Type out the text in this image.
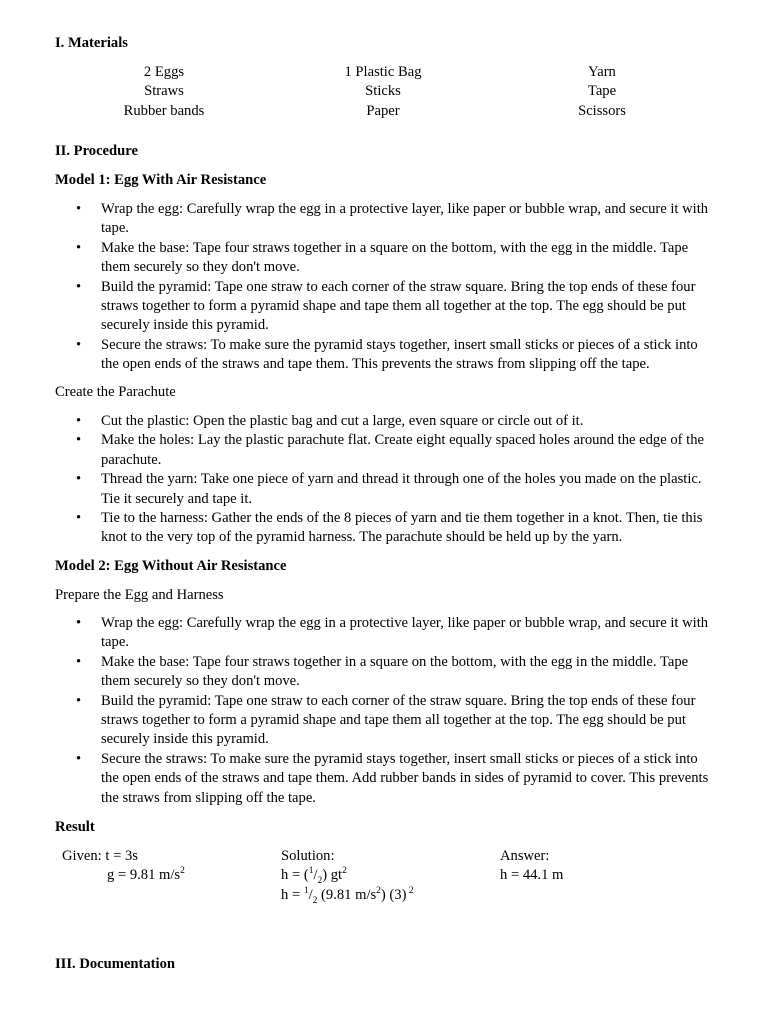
I. Materials
2 Eggs
Straws
Rubber bands
1 Plastic Bag
Sticks
Paper
Yarn
Tape
Scissors
II. Procedure
Model 1: Egg With Air Resistance
• Wrap the egg: Carefully wrap the egg in a protective layer, like paper or bubble wrap, and secure it with tape.
• Make the base: Tape four straws together in a square on the bottom, with the egg in the middle. Tape them securely so they don't move.
• Build the pyramid: Tape one straw to each corner of the straw square. Bring the top ends of these four straws together to form a pyramid shape and tape them all together at the top. The egg should be put securely inside this pyramid.
• Secure the straws: To make sure the pyramid stays together, insert small sticks or pieces of a stick into the open ends of the straws and tape them. This prevents the straws from slipping off the tape.
Create the Parachute
• Cut the plastic: Open the plastic bag and cut a large, even square or circle out of it.
• Make the holes: Lay the plastic parachute flat. Create eight equally spaced holes around the edge of the parachute.
• Thread the yarn: Take one piece of yarn and thread it through one of the holes you made on the plastic. Tie it securely and tape it.
• Tie to the harness: Gather the ends of the 8 pieces of yarn and tie them together in a knot. Then, tie this knot to the very top of the pyramid harness. The parachute should be held up by the yarn.
Model 2: Egg Without Air Resistance
Prepare the Egg and Harness
• Wrap the egg: Carefully wrap the egg in a protective layer, like paper or bubble wrap, and secure it with tape.
• Make the base: Tape four straws together in a square on the bottom, with the egg in the middle. Tape them securely so they don't move.
• Build the pyramid: Tape one straw to each corner of the straw square. Bring the top ends of these four straws together to form a pyramid shape and tape them all together at the top. The egg should be put securely inside this pyramid.
• Secure the straws: To make sure the pyramid stays together, insert small sticks or pieces of a stick into the open ends of the straws and tape them. Add rubber bands in sides of pyramid to cover. This prevents the straws from slipping off the tape.
Result
Given: t = 3s
g = 9.81 $m/s^2$
Solution:
$h = (^1/_2)$ $gt^2$
$h = ^1/_2$ (9.81 $m/s^2$) (3) $^2$
Answer:
h = 44.1 m
III. Documentation
